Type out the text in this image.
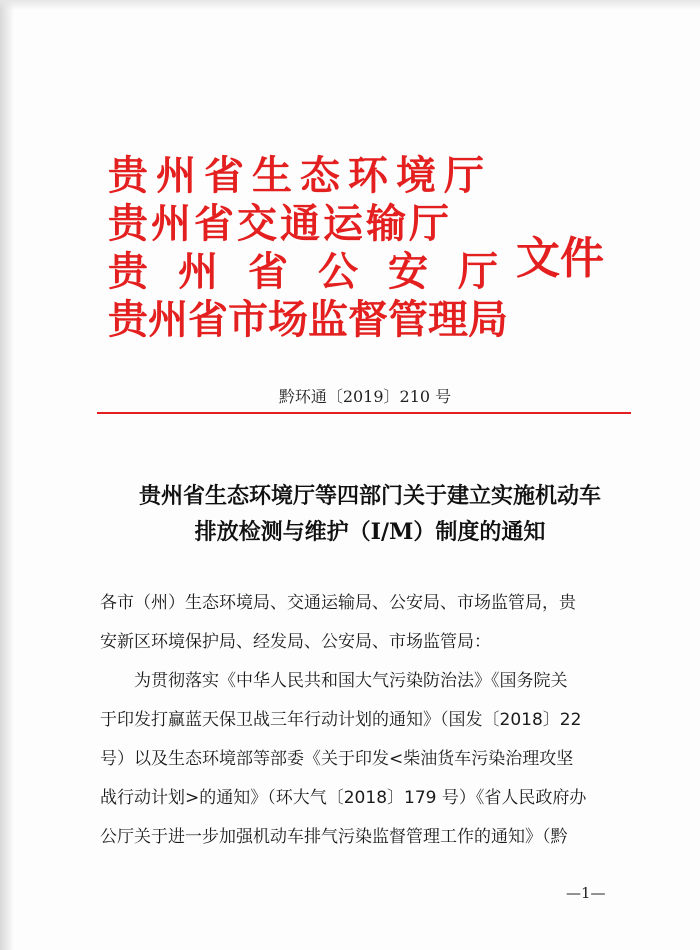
贵州省生态环境厅
贵州省交通运输厅
贵州省公安厅
贵州省市场监督管理局
文件
黔环通〔2019〕210 号
贵州省生态环境厅等四部门关于建立实施机动车
排放检测与维护（I/M）制度的通知
各市（州）生态环境局、交通运输局、公安局、市场监管局，贵
安新区环境保护局、经发局、公安局、市场监管局：
　　为贯彻落实《中华人民共和国大气污染防治法》《国务院关
于印发打赢蓝天保卫战三年行动计划的通知》（国发〔2018〕22
号）以及生态环境部等部委《关于印发<柴油货车污染治理攻坚
战行动计划>的通知》（环大气〔2018〕179 号）《省人民政府办
公厅关于进一步加强机动车排气污染监督管理工作的通知》（黔
—1—
